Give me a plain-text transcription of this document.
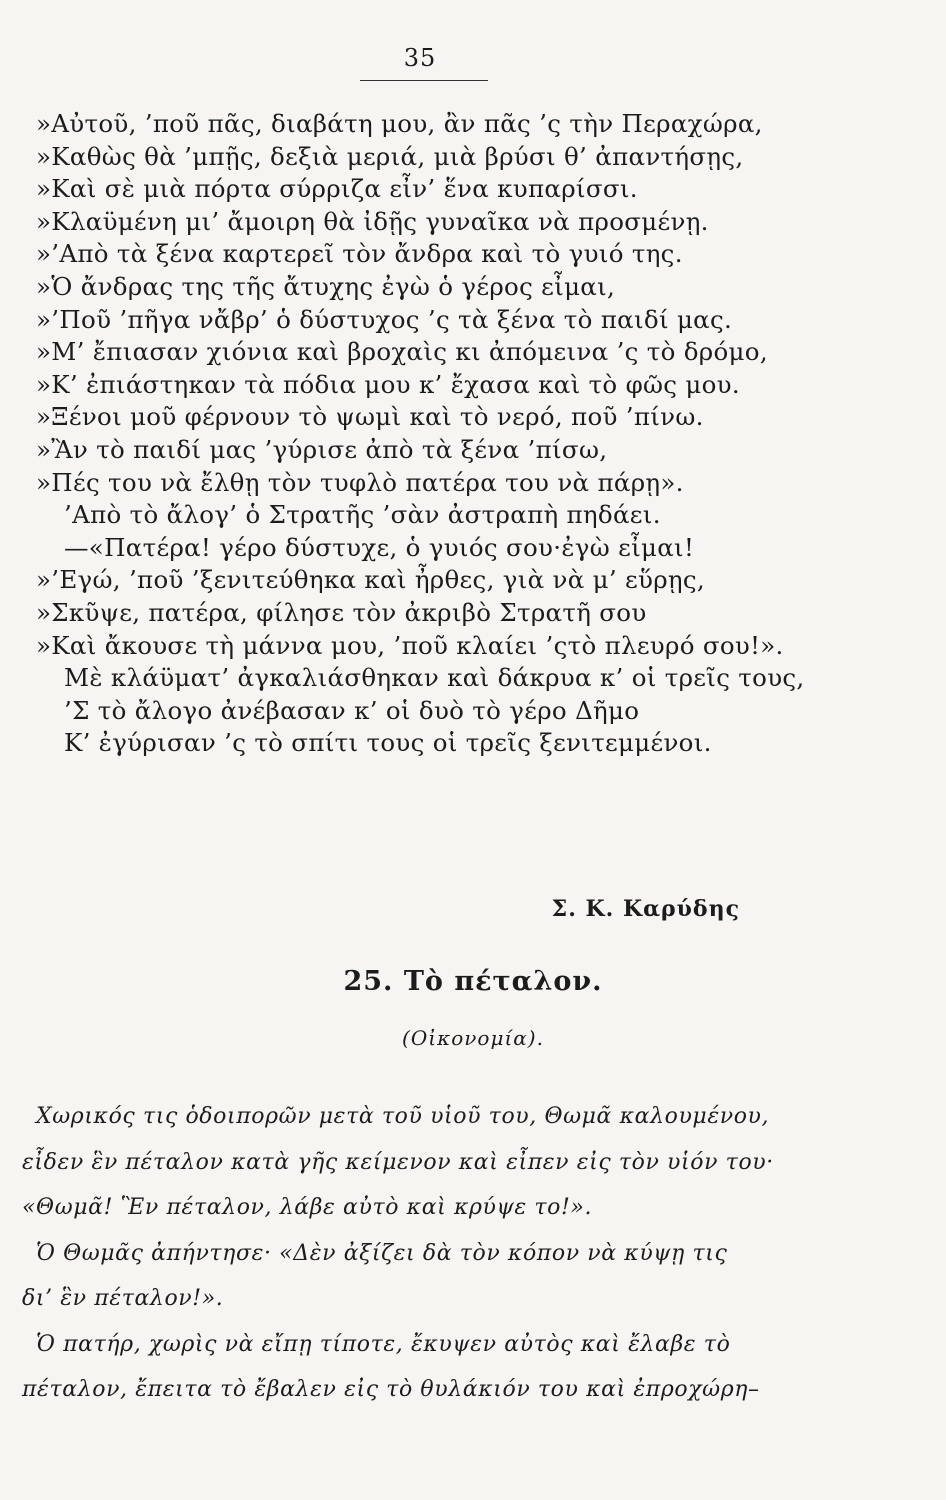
35
»Αὐτοῦ, ’ποῦ πᾶς, διαβάτη μου, ἂν πᾶς ’ς τὴν Περαχώρα,
»Καθὼς θὰ ’μπῇς, δεξιὰ μεριά, μιὰ βρύσι θ’ ἀπαντήσῃς,
»Καὶ σὲ μιὰ πόρτα σύρριζα εἶν’ ἕνα κυπαρίσσι.
»Κλαϋμένη μι’ ἄμοιρη θὰ ἰδῇς γυναῖκα νὰ προσμένῃ.
»’Απὸ τὰ ξένα καρτερεῖ τὸν ἄνδρα καὶ τὸ γυιό της.
»Ὁ ἄνδρας της τῆς ἄτυχης ἐγὼ ὁ γέρος εἶμαι,
»’Ποῦ ’πῆγα νἄβρ’ ὁ δύστυχος ’ς τὰ ξένα τὸ παιδί μας.
»Μ’ ἔπιασαν χιόνια καὶ βροχαὶς κι ἀπόμεινα ’ς τὸ δρόμο,
»Κ’ ἐπιάστηκαν τὰ πόδια μου κ’ ἔχασα καὶ τὸ φῶς μου.
»Ξένοι μοῦ φέρνουν τὸ ψωμὶ καὶ τὸ νερό, ποῦ ’πίνω.
»Ἂν τὸ παιδί μας ’γύρισε ἀπὸ τὰ ξένα ’πίσω,
»Πές του νὰ ἔλθῃ τὸν τυφλὸ πατέρα του νὰ πάρῃ».
’Απὸ τὸ ἄλογ’ ὁ Στρατῆς ’σὰν ἀστραπὴ πηδάει.
—«Πατέρα! γέρο δύστυχε, ὁ γυιός σου·ἐγὼ εἶμαι!
»’Εγώ, ’ποῦ ’ξενιτεύθηκα καὶ ἦρθες, γιὰ νὰ μ’ εὕρῃς,
»Σκῦψε, πατέρα, φίλησε τὸν ἀκριβὸ Στρατῆ σου
»Καὶ ἄκουσε τὴ μάννα μου, ’ποῦ κλαίει ’ςτὸ πλευρό σου!».
Μὲ κλάϋματ’ ἀγκαλιάσθηκαν καὶ δάκρυα κ’ οἱ τρεῖς τους,
’Σ τὸ ἄλογο ἀνέβασαν κ’ οἱ δυὸ τὸ γέρο Δῆμο
Κ’ ἐγύρισαν ’ς τὸ σπίτι τους οἱ τρεῖς ξενιτεμμένοι.
Σ. Κ. Καρύδης
25. Τὸ πέταλον.
(Οἰκονομία).
Χωρικός τις ὁδοιπορῶν μετὰ τοῦ υἱοῦ του, Θωμᾶ καλουμένου,
εἶδεν ἓν πέταλον κατὰ γῆς κείμενον καὶ εἶπεν εἰς τὸν υἱόν του·
«Θωμᾶ! Ἓν πέταλον, λάβε αὐτὸ καὶ κρύψε το!».
Ὁ Θωμᾶς ἀπήντησε· «Δὲν ἀξίζει δὰ τὸν κόπον νὰ κύψῃ τις
δι’ ἓν πέταλον!».
Ὁ πατήρ, χωρὶς νὰ εἴπῃ τίποτε, ἔκυψεν αὐτὸς καὶ ἔλαβε τὸ
πέταλον, ἔπειτα τὸ ἔβαλεν εἰς τὸ θυλάκιόν του καὶ ἐπροχώρη–
